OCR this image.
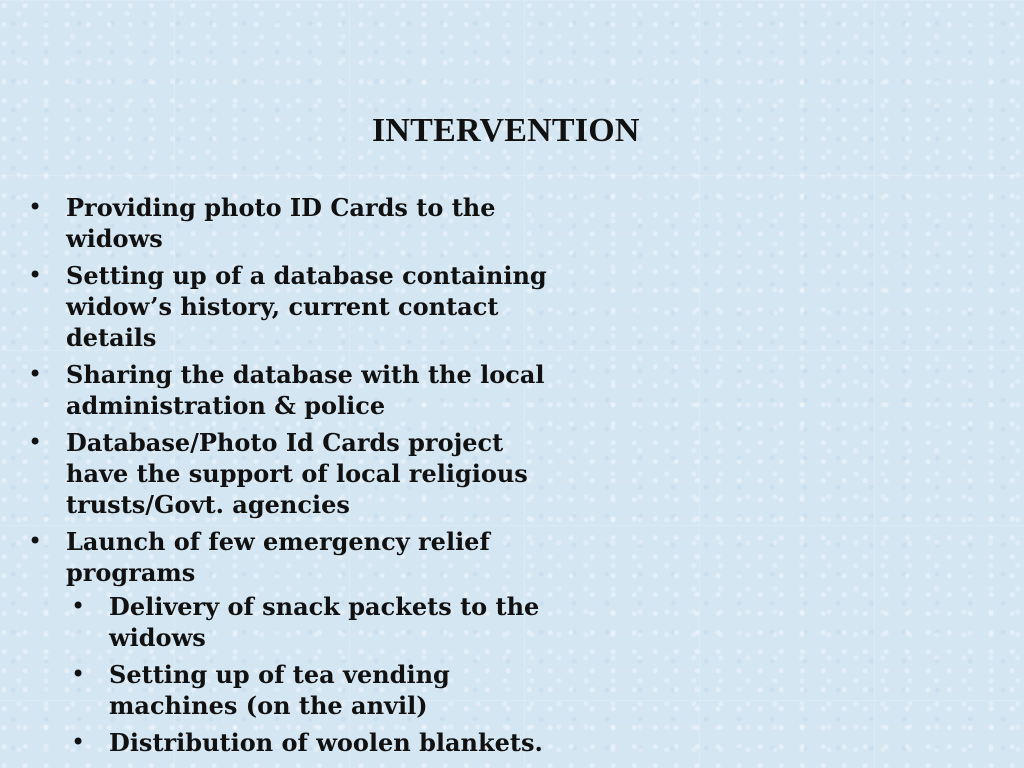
INTERVENTION
• Providing photo ID Cards to the
widows
• Setting up of a database containing
widow’s history, current contact
details
• Sharing the database with the local
administration & police
• Database/Photo Id Cards project
have the support of local religious
trusts/Govt. agencies
• Launch of few emergency relief
programs
• Delivery of snack packets to the
widows
• Setting up of tea vending
machines (on the anvil)
• Distribution of woolen blankets.
